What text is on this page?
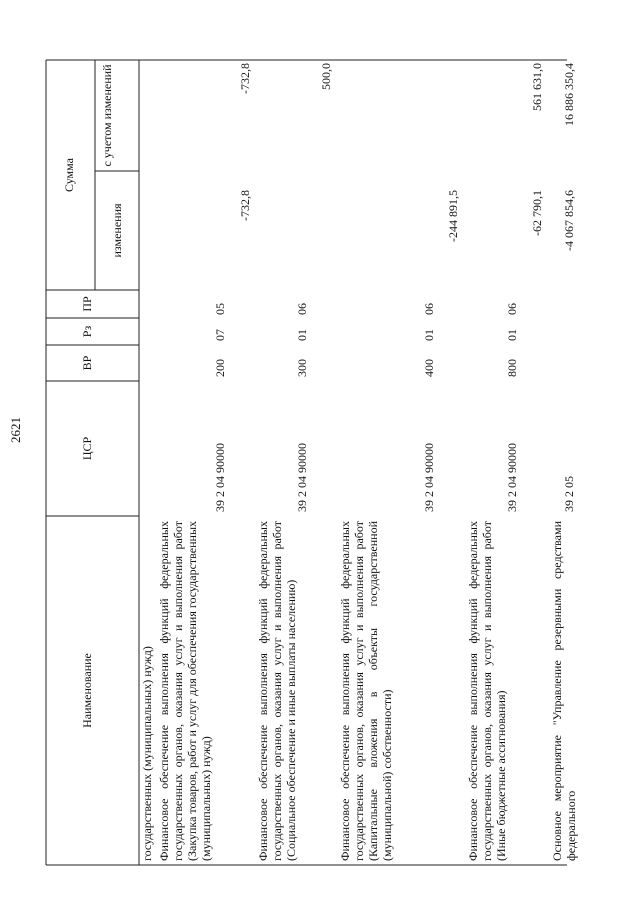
2621
Наименование
ЦСР
ВР
Рз
ПР
Сумма
изменения
с учетом изменений
государственных (муниципальных) нужд) Финансовое обеспечение выполнения функций федеральных государственных органов, оказания услуг и выполнения работ (Закупка товаров, работ и услуг для обеспечения государственных (муниципальных) нужд)
39 2 04 90000
200
07
05
-732,8
-732,8
Финансовое обеспечение выполнения функций федеральных государственных органов, оказания услуг и выполнения работ (Социальное обеспечение и иные выплаты населению)
39 2 04 90000
300
01
06
500,0
Финансовое обеспечение выполнения функций федеральных государственных органов, оказания услуг и выполнения работ (Капитальные вложения в объекты государственной (муниципальной) собственности)
39 2 04 90000
400
01
06
-244 891,5
Финансовое обеспечение выполнения функций федеральных государственных органов, оказания услуг и выполнения работ (Иные бюджетные ассигнования)
39 2 04 90000
800
01
06
-62 790,1
561 631,0
Основное мероприятие "Управление резервными средствами федерального
39 2 05
-4 067 854,6
16 886 350,4
